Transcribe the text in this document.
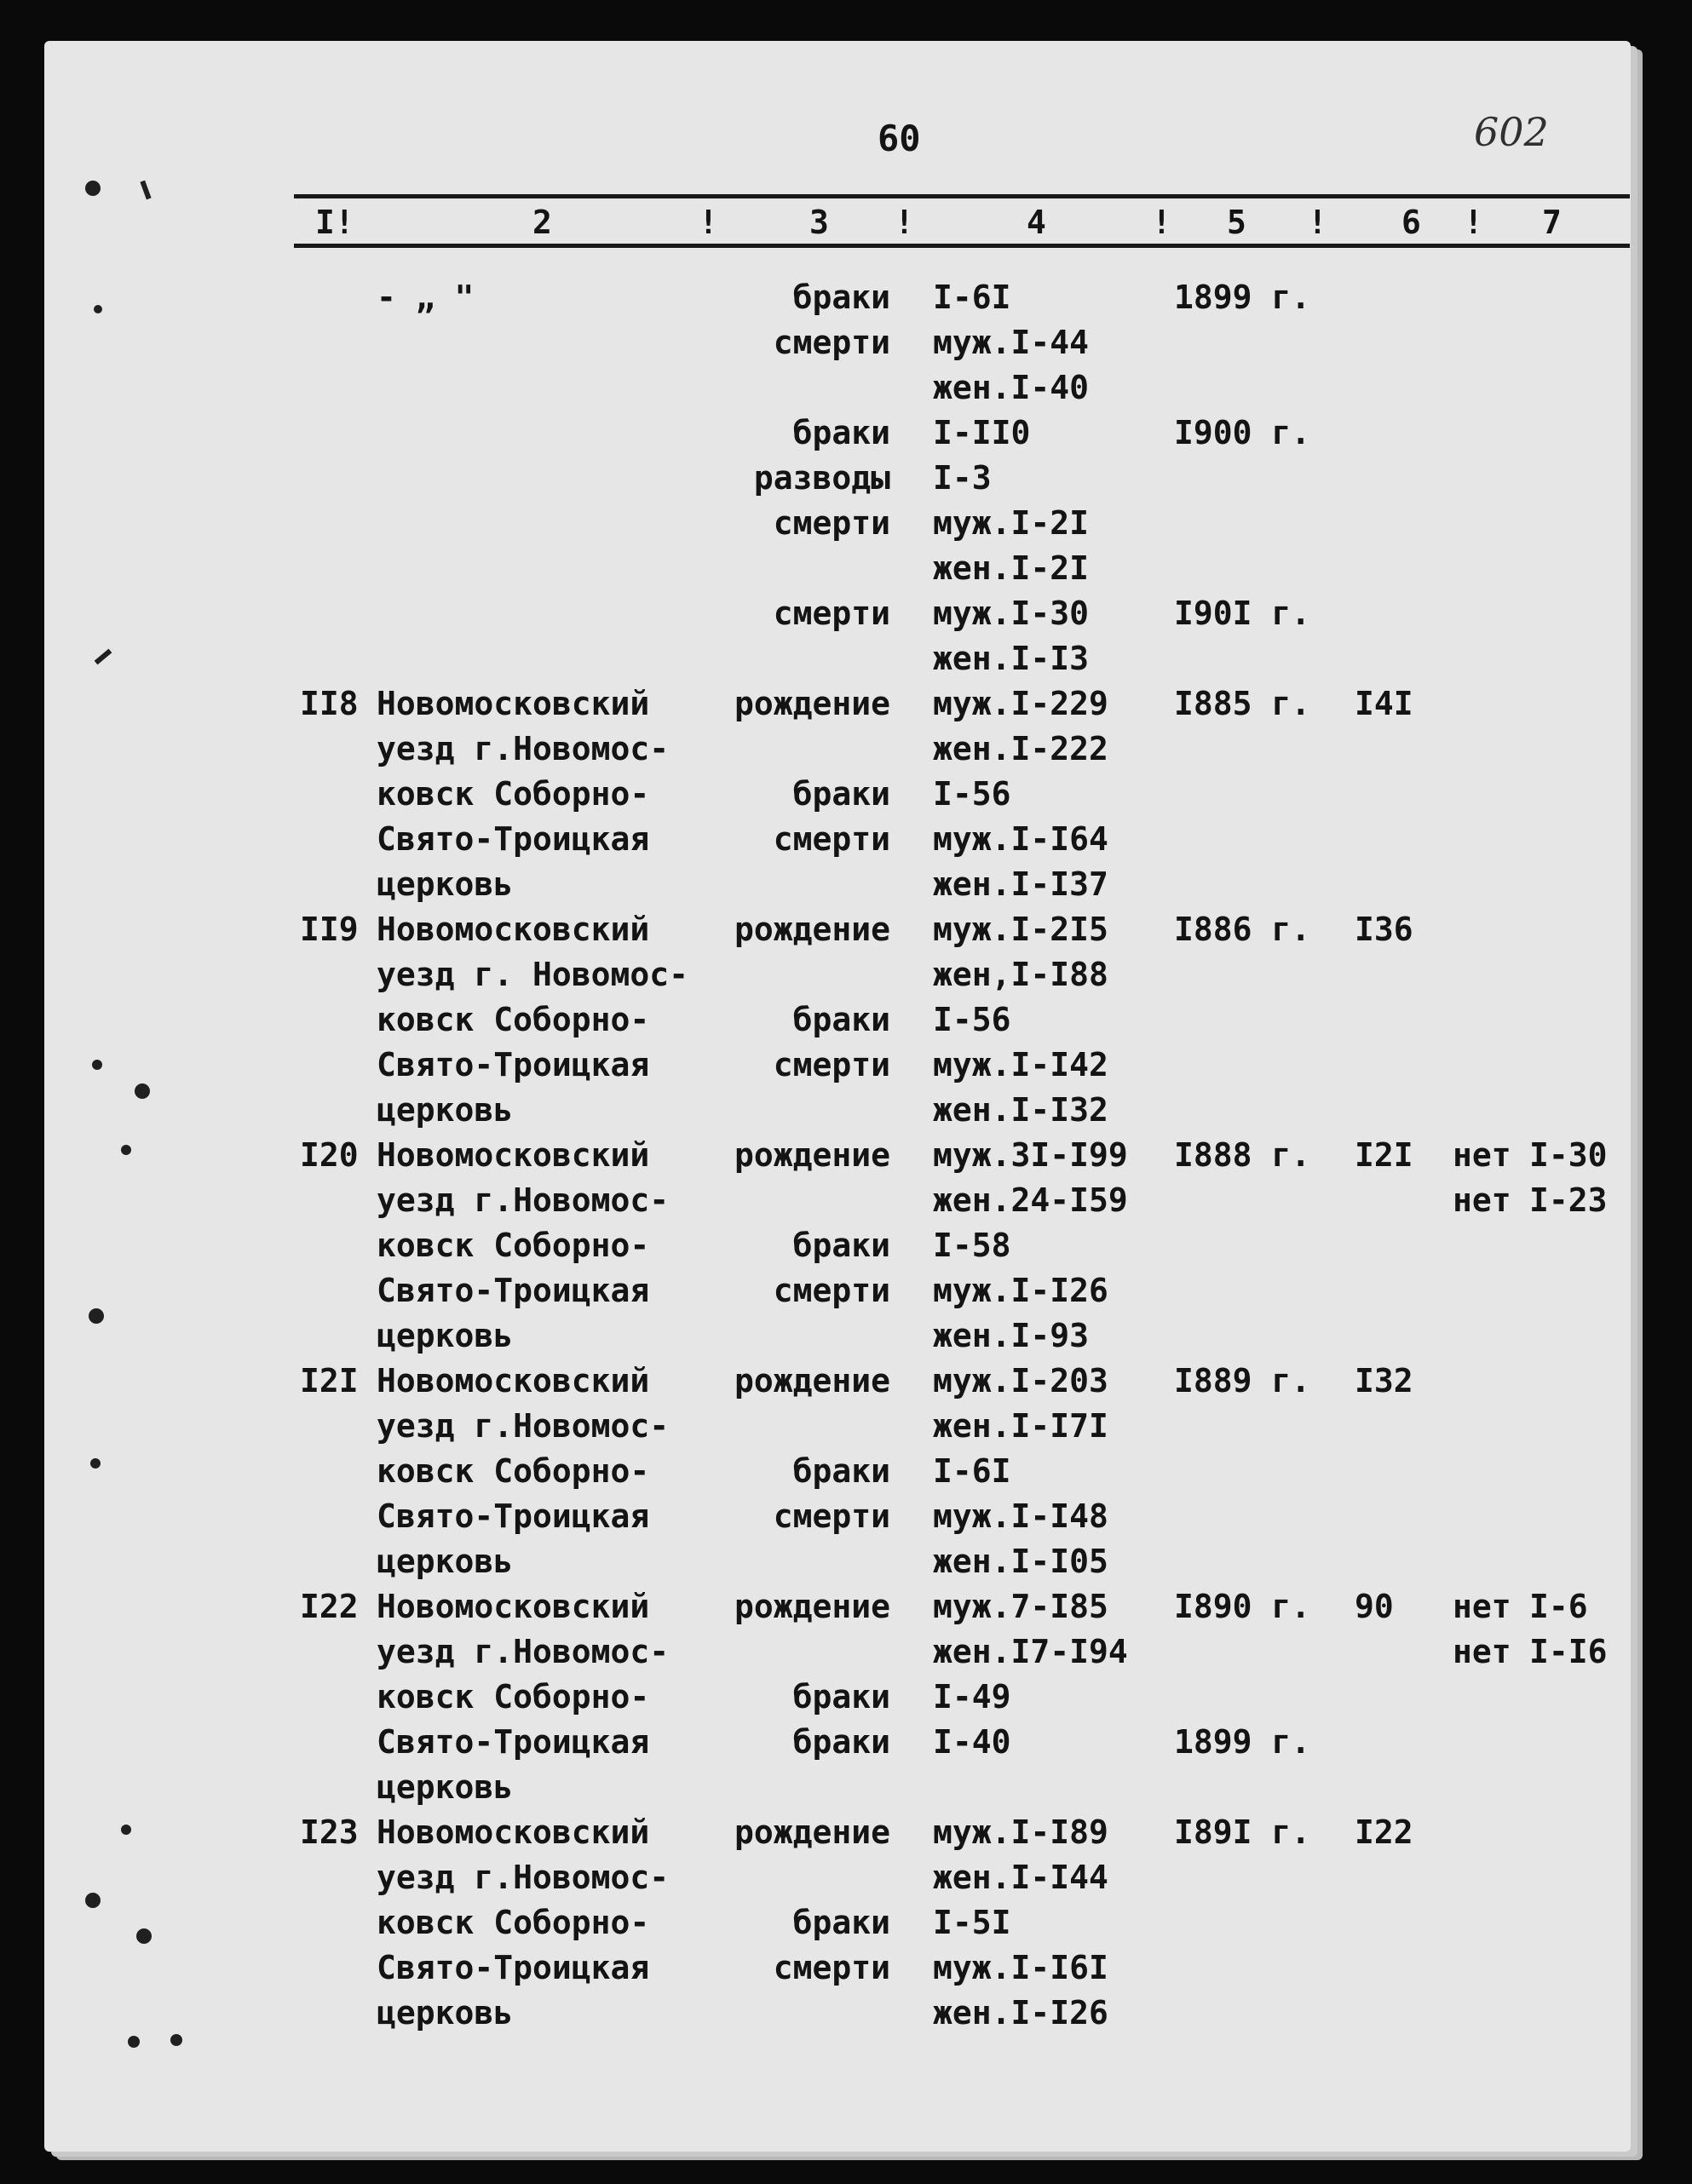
60	602
I!	2	!	3 !	4	! 5 ! 6 ! 7
- „ "	браки I-6I	1899 г.
смерти муж.I-44
жен.I-40
браки I-II0	I900 г.
разводы I-3
смерти муж.I-2I
жен.I-2I
смерти муж.I-30	I90I г.
жен.I-I3
II8 Новомосковский	рождение муж.I-229 I885 г. I4I
уезд г.Новомос-	жен.I-222
ковск Соборно-	браки I-56
Свято-Троицкая	смерти муж.I-I64
церковь	жен.I-I37
II9 Новомосковский	рождение муж.I-2I5 I886 г. I36
уезд г. Новомос-	жен,I-I88
ковск Соборно-	браки I-56
Свято-Троицкая	смерти муж.I-I42
церковь	жен.I-I32
I20 Новомосковский	рождение муж.3I-I99 I888 г. I2I нет I-30
уезд г.Новомос-	жен.24-I59	нет I-23
ковск Соборно-	браки I-58
Свято-Троицкая	смерти муж.I-I26
церковь	жен.I-93
I2I Новомосковский	рождение муж.I-203 I889 г. I32
уезд г.Новомос-	жен.I-I7I
ковск Соборно-	браки I-6I
Свято-Троицкая	смерти муж.I-I48
церковь	жен.I-I05
I22 Новомосковский	рождение муж.7-I85 I890 г. 90 нет I-6
уезд г.Новомос-	жен.I7-I94	нет I-I6
ковск Соборно-	браки I-49
Свято-Троицкая	браки I-40	1899 г.
церковь
I23 Новомосковский	рождение муж.I-I89 I89I г. I22
уезд г.Новомос-	жен.I-I44
ковск Соборно-	браки I-5I
Свято-Троицкая	смерти муж.I-I6I
церковь	жен.I-I26
